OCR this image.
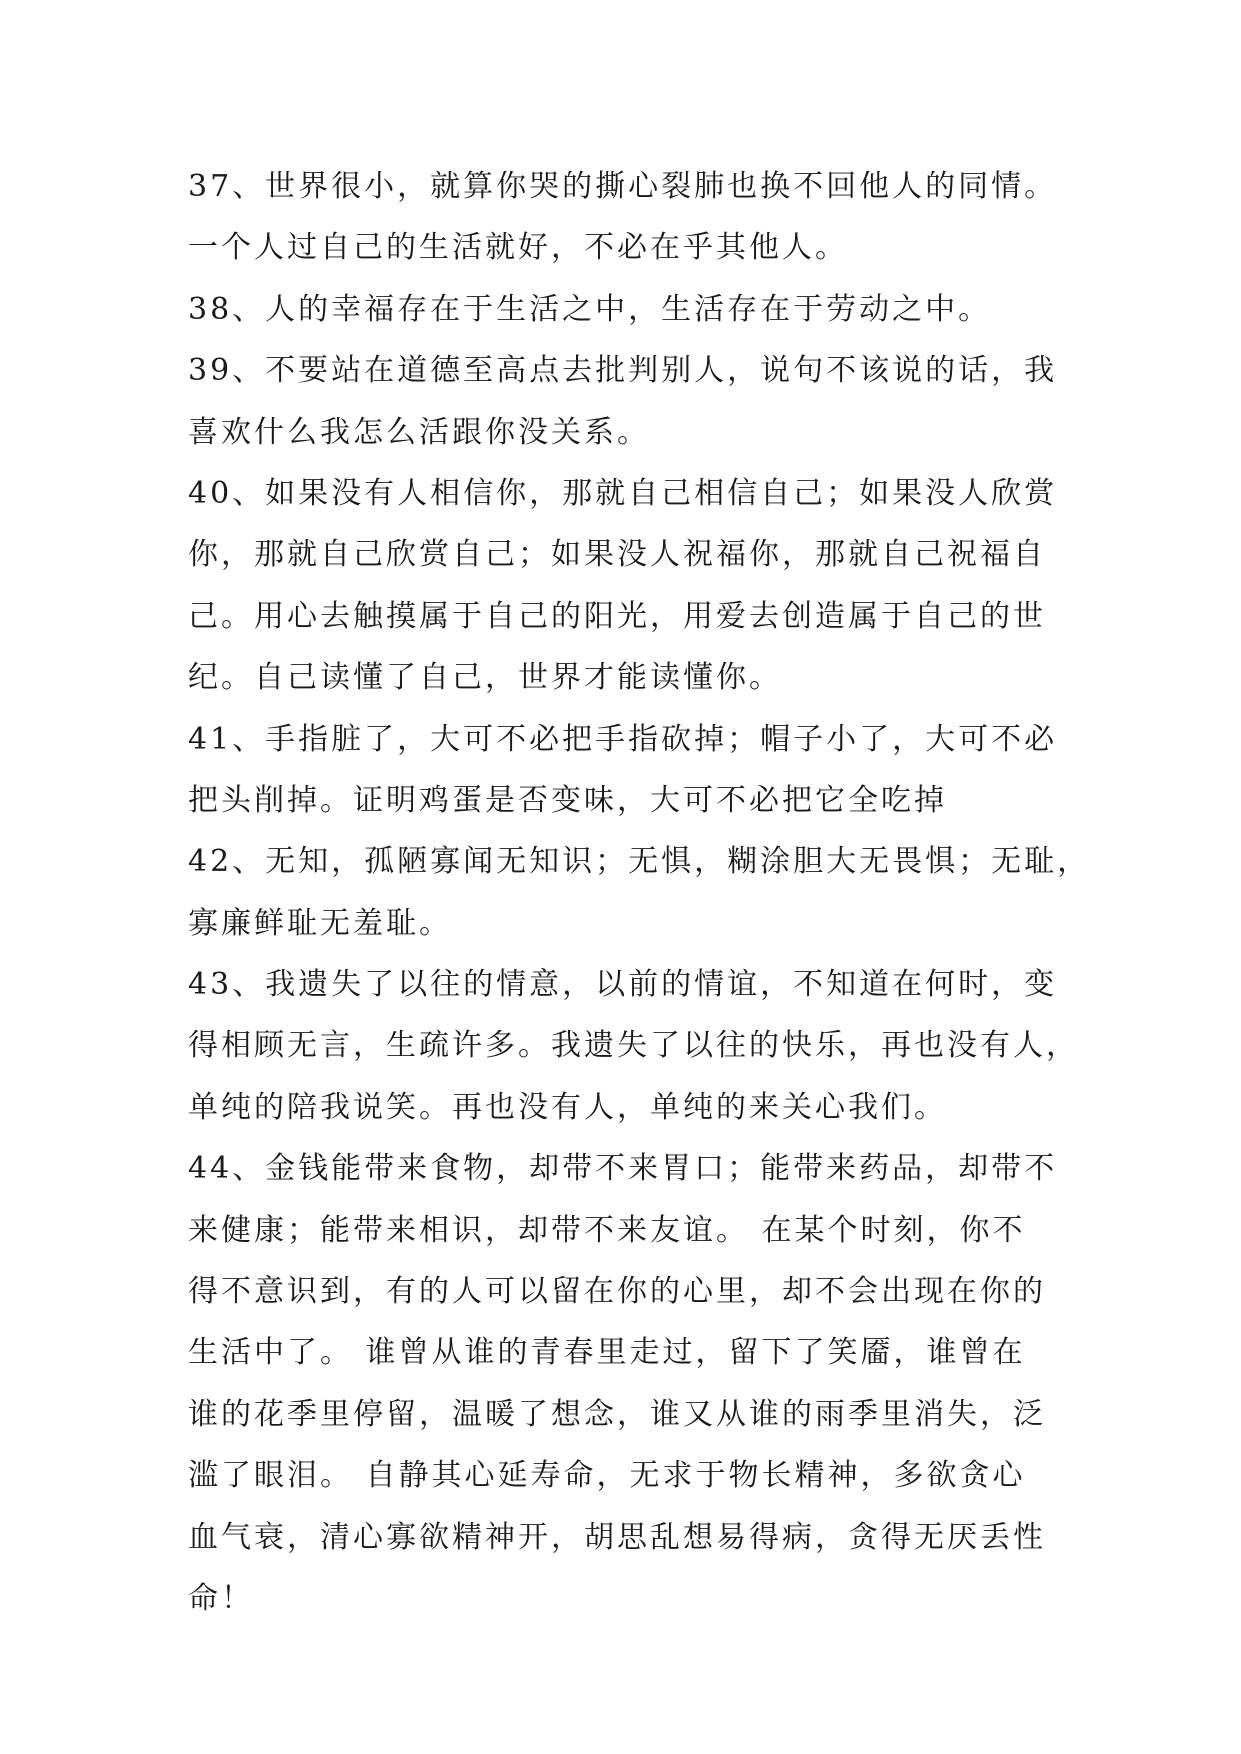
37、世界很小，就算你哭的撕心裂肺也换不回他人的同情。
一个人过自己的生活就好，不必在乎其他人。
38、人的幸福存在于生活之中，生活存在于劳动之中。
39、不要站在道德至高点去批判别人，说句不该说的话，我
喜欢什么我怎么活跟你没关系。
40、如果没有人相信你，那就自己相信自己；如果没人欣赏
你，那就自己欣赏自己；如果没人祝福你，那就自己祝福自
己。用心去触摸属于自己的阳光，用爱去创造属于自己的世
纪。自己读懂了自己，世界才能读懂你。
41、手指脏了，大可不必把手指砍掉；帽子小了，大可不必
把头削掉。证明鸡蛋是否变味，大可不必把它全吃掉
42、无知，孤陋寡闻无知识；无惧，糊涂胆大无畏惧；无耻，
寡廉鲜耻无羞耻。
43、我遗失了以往的情意，以前的情谊，不知道在何时，变
得相顾无言，生疏许多。我遗失了以往的快乐，再也没有人，
单纯的陪我说笑。再也没有人，单纯的来关心我们。
44、金钱能带来食物，却带不来胃口；能带来药品，却带不
来健康；能带来相识，却带不来友谊。 在某个时刻，你不
得不意识到，有的人可以留在你的心里，却不会出现在你的
生活中了。 谁曾从谁的青春里走过，留下了笑靥，谁曾在
谁的花季里停留，温暖了想念，谁又从谁的雨季里消失，泛
滥了眼泪。 自静其心延寿命，无求于物长精神，多欲贪心
血气衰，清心寡欲精神开，胡思乱想易得病，贪得无厌丢性
命！
